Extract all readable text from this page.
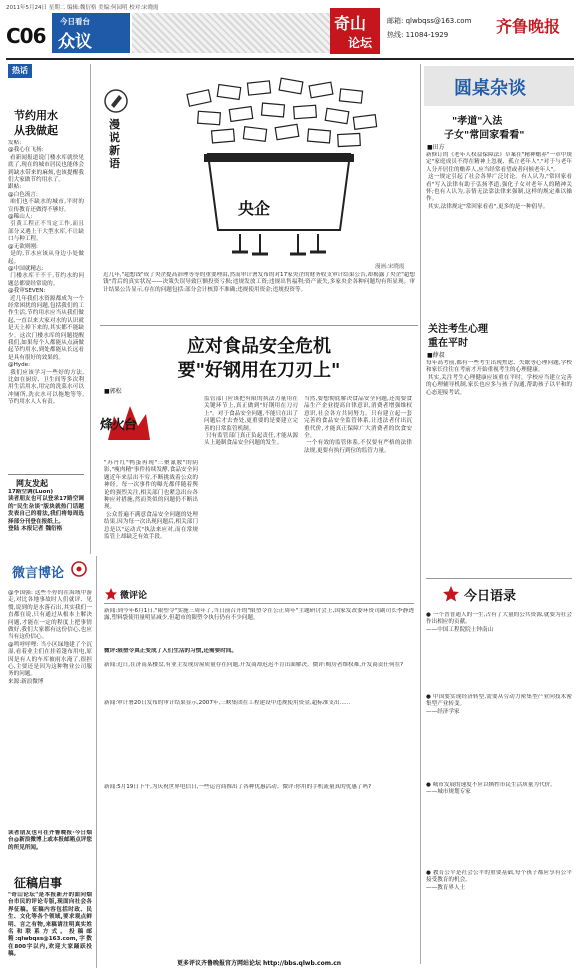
2011年5月24日 星期二 编辑:魏衍格 美编:何园明 校对:宋晓霞
C06
今日看台
众议
奇山
论坛
邮箱: qlwbqss@163.com
热线: 11084-1929	齐鲁晚报
热话
节约用水
从我做起
发帖:
@我心在飞扬:
看新闻报道说门楼水库就快见底了,现在的城市居民也能体会到缺水带来的麻烦,也该提醒我们大家做节约用水了。
跟帖:
@白色流言:
咱们也不缺水的城市,平时的宣传教育还做得不够好。
@稀山人:
引黄工程正不当定工作,而且部分又遇上干大型水库,不让缺口与种工程。
@无欲则刚:
是的,节水应该从身边小处做起。
@中国就精志:
门楼水库干不干,节约水的问题总都要经常说的。
@我审SEVEN:
近几年我们水资源都成为一个经常困扰的问题,包括我们的工作生活,节约用水应当从我们做起,一直以来大家对水的认识就是天上掉下来的,其实都不能缺少。这次门楼水库的问题提醒我们,如果每个人都能从点滴做起节约用水,到处都能从长远看是具有很好的效果的。
@Hyde:
我们应该学习一些好的方法,比如在厨房、卫生间等多次利用生活用水,用完的洗菜水可以冲厕所,洗衣水可以拖地等等,节约用水人人有责。
网友发起
17路空调(Luon)
读者朋友也可以登录17路空调的"民生杂谈"版块就热门话题发表自己的看法,我们将每周选择部分刊登在报纸上。
登陆 本报记者 魏衍格
微言博论
@李国强: 这些不停的在海域中游走,对比各地事故时人们就评、见惯,说到的是水落石出,其实我们一直都在说,只有通过从根本上解决问题,才能在一定的程度上把事情做好,我们大家都有这份信心,也应当有这份信心。
@鸣呼呼哩: 当小区绿地建了个沉湿,看着业主们在挂着篷布用电,原因是有人的车库被雨水淹了,很担心,主要还是因为这种物业公司服务的问题。
来源:新浪微博
读者朋友也可在齐鲁晚报·今日烟台@新浪微博上或本报邮箱点评您的所见所闻。
征稿启事
"奇山论坛"是本报新开的面向烟台市民的评论专版,现面向社会各界征稿。征稿内容包括时政、民生、文化等各个领域,要求观点鲜明、言之有物,来稿请注明真实姓名和联系方式。投稿邮箱:qlwbqss@163.com,字数在800字以内,欢迎大家踊跃投稿。
漫说新语
央企
漫画:宋晓霞
近几年,"超想钱"成了央企提高治理等等的重要理由,然而审计署发布的对17家央企的财务收支审计结果公告,却揭露了央企"超想钱"背后的真实状况——决策失误导致巨额投资亏损;违规发放工资;违规出售福利;资产流失,多家央企各种问题均有所显现。审计结果公告显示,存在的问题包括:部分会计核算不准确;违规使用资金;违规投资等。
应对食品安全危机
要"好钢用在刀刃上"
■郭松
烽火台
"苏丹红"鸭蛋再现"三聚氰胺"的阴影,"瘦肉精"事件持续发酵,食品安全问题近年来层出不穷,不断挑战着公众的神经。每一次事件的曝光都伴随着舆论的强烈关注,相关部门也紧急出台各种应对措施,然而类似的问题仍不断出现。
公众普遍不满意食品安全问题的处理结果,因为每一次出现问题后,相关部门总是以"运动式"执法来应对,而在常规监管上却缺乏有效手段。
监管部门应该把有限的执法力量用在关键环节上,真正做到"好钢用在刀刃上"。对于食品安全问题,不能只在出了问题后才去查处,更重要的是要建立完善的日常监管机制。
只有监管部门真正负起责任,才能从源头上遏制食品安全问题的发生。
当然,要想彻底解决食品安全问题,还需要食品生产企业提高自律意识,消费者增强维权意识,社会各方共同努力。只有建立起一套完善的食品安全监管体系,让违法者付出沉重代价,才能真正保障广大消费者的饮食安全。
一个有效的监管体系,不仅要有严格的法律法规,更要有执行到位的监管力量。
微评论
新闻:到今年6月1日,"限塑令"实施三周年了,当日前召开的"限塑令在公正周年"主题研讨会上,国家发改委环资司副司长李静透露,塑料袋使用量明显减少,但超市的限塑令执行仍有不少问题。
微评:限塑令真正变成了人们生活的习惯,还需要时间。
新闻:近日,在济南某楼盘,有业主发现房屋质量存在问题,开发商却迟迟不肯出面解决。微评:购房者维权难,开发商责任何在?
新闻:审计署20日发布的审计结果显示,2007年,三峡集团在工程建设中违规使用资金,超标准支出......
新闻:5月19日下午,为庆祝世界电信日,一些运营商推出了各种优惠活动。微评:你用的手机流量真的优惠了吗?
更多评议齐鲁晚报官方网站论坛 http://bbs.qlwb.com.cn
圆桌杂谈
"孝道"入法
子女"常回家看看"
■田方
新修订的《老年人权益保障法》草案在"精神赡养"一章中规定"家庭成员不得在精神上忽视、孤立老年人","对于与老年人分开居住的赡养人,应当经常看望或者问候老年人"。
这一规定引起了社会各界广泛讨论。有人认为,"常回家看看"写入法律有助于弘扬孝道,强化子女对老年人的精神关怀;也有人认为,亲情无法靠法律来强制,这样的规定难以操作。
其实,法律规定"常回家看看",更多的是一种倡导。
关注考生心理
重在平时
■薛叔
每年高考前,都有一些考生出现焦虑、失眠等心理问题,学校和家长往往在考前才开始重视考生的心理健康。
其实,关注考生心理健康应该重在平时。学校应当建立完善的心理辅导机制,家长也应多与孩子沟通,帮助孩子以平和的心态迎接考试。
今日语录
● 一个普普通人的一生,占有了大量的公共资源,就要为社会作出相应的贡献。
——中国工程院院士钟南山
● 中国要实现经济转型,需要从劳动力密集型产业向技术密集型产业转变。
——经济学家
● 城市发展的速度不应以牺牲市民生活质量为代价。
——城市规划专家
● 教育公平是社会公平的重要基础,每个孩子都应享有公平接受教育的机会。
——教育界人士
